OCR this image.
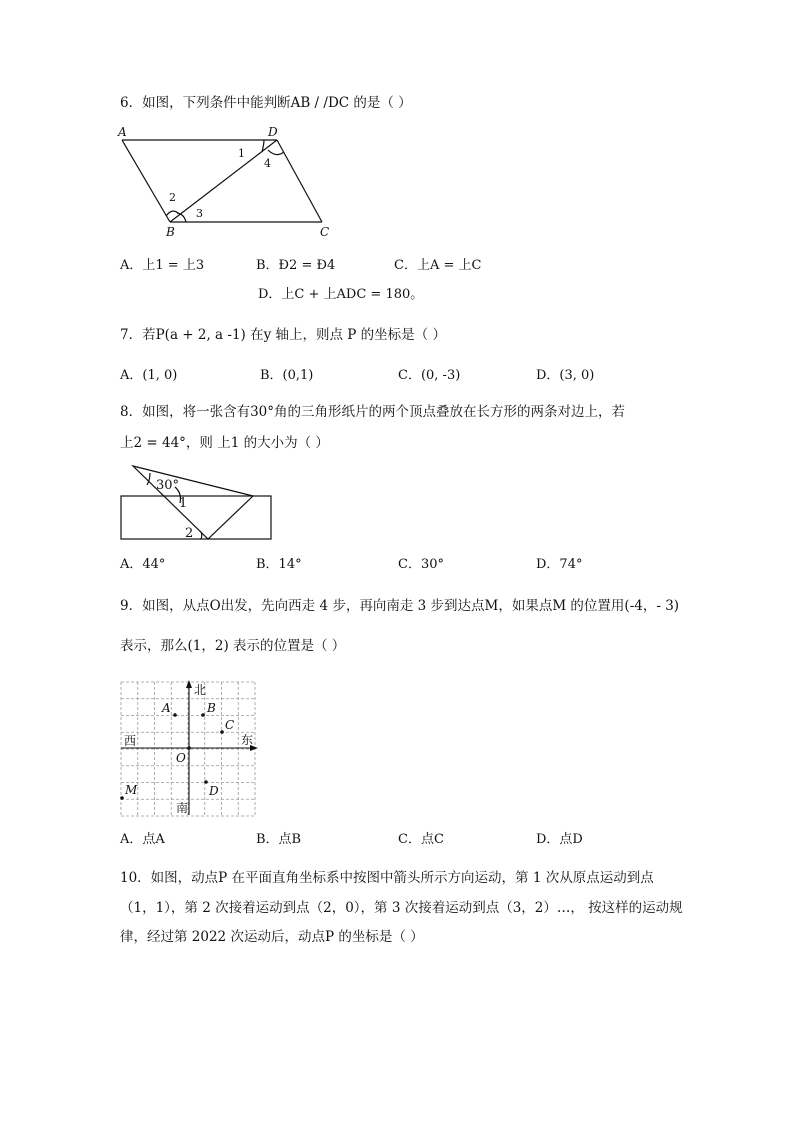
6．如图，下列条件中能判断AB / /DC 的是（ ）
A	D
B	C
1
4
2
3
A．上1 = 上3	B．Ð2 = Ð4	C．上A = 上C
D．上C + 上ADC = 180。
7．若P(a + 2, a -1) 在y 轴上，则点 P 的坐标是（ ）
A．(1, 0)	B．(0,1)	C．(0, -3)	D．(3, 0)
8．如图，将一张含有30°角的三角形纸片的两个顶点叠放在长方形的两条对边上，若
上2 = 44°，则 上1 的大小为（ ）
30°
1
2
A．44°	B．14°	C．30°	D．74°
9．如图，从点O出发，先向西走 4 步，再向南走 3 步到达点M，如果点M 的位置用(-4，- 3)
表示，那么(1，2) 表示的位置是（ ）
北
南
东
西
O
A	B
C
D
M
A．点A	B．点B	C．点C	D．点D
10．如图，动点P 在平面直角坐标系中按图中箭头所示方向运动，第 1 次从原点运动到点
（1，1），第 2 次接着运动到点（2，0），第 3 次接着运动到点（3，2）…， 按这样的运动规
律，经过第 2022 次运动后，动点P 的坐标是（ ）
